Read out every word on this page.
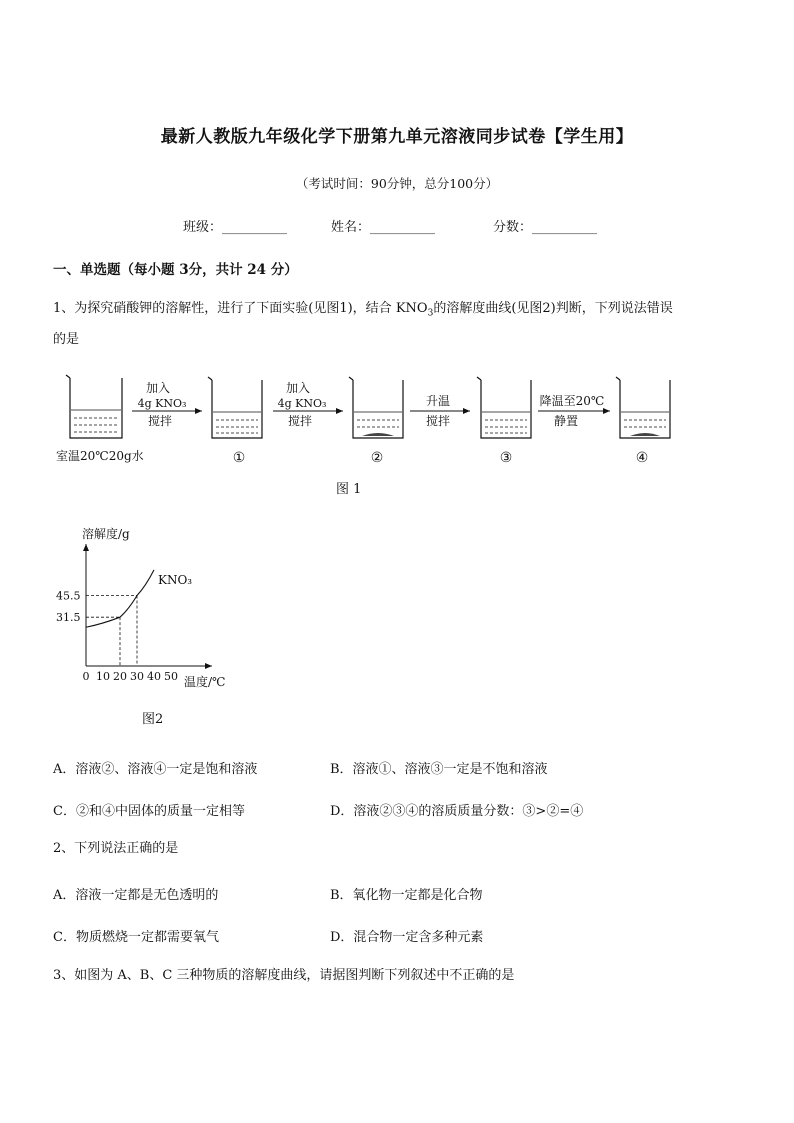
最新人教版九年级化学下册第九单元溶液同步试卷【学生用】
（考试时间：90分钟，总分100分）
班级：__________	姓名：__________	分数：__________
一、单选题（每小题 3分，共计 24 分）
1、为探究硝酸钾的溶解性，进行了下面实验(见图1)，结合 $KNO_3$的溶解度曲线(见图2)判断，下列说法错误
的是
加入
4g KNO₃
搅拌
加入
4g KNO₃
搅拌
升温
搅拌
降温至20℃
静置
室温20℃20g水	①	②	③	④
图 1
溶解度/g
温度/℃
KNO₃
0 10 20 30 40 50
31.5
45.5
图2
A．溶液②、溶液④一定是饱和溶液	B．溶液①、溶液③一定是不饱和溶液
C．②和④中固体的质量一定相等	D．溶液②③④的溶质质量分数：③>②=④
2、下列说法正确的是
A．溶液一定都是无色透明的	B．氧化物一定都是化合物
C．物质燃烧一定都需要氧气	D．混合物一定含多种元素
3、如图为 A、B、C 三种物质的溶解度曲线，请据图判断下列叙述中不正确的是
